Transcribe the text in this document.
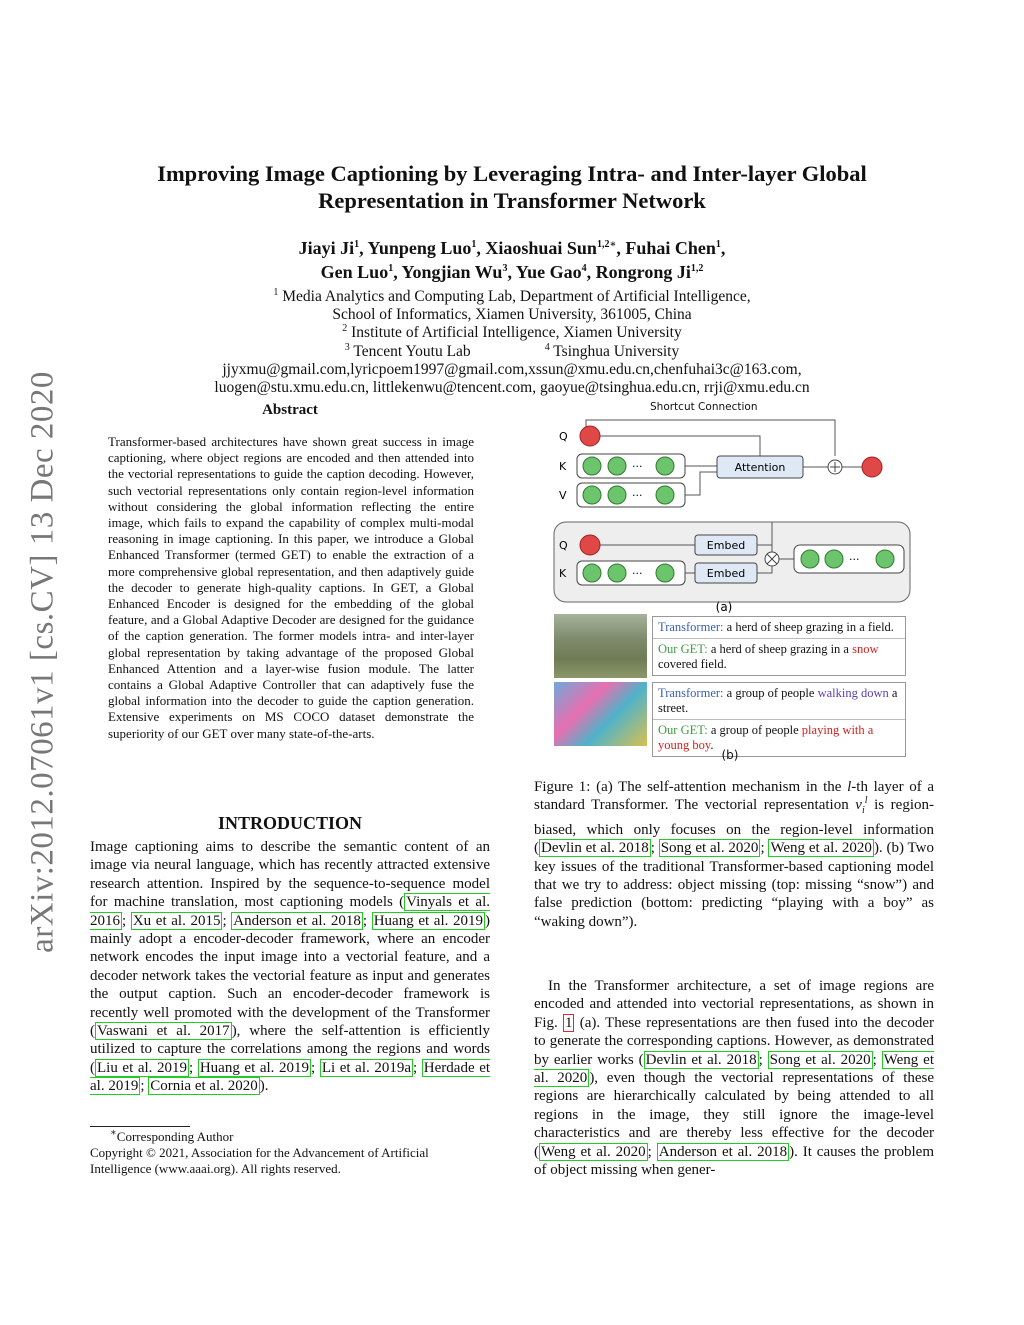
arXiv:2012.07061v1 [cs.CV] 13 Dec 2020
Improving Image Captioning by Leveraging Intra- and Inter-layer Global
Representation in Transformer Network
Jiayi Ji$^1$, Yunpeng Luo$^1$, Xiaoshuai Sun$^{1,2∗}$, Fuhai Chen$^1$,
Gen Luo$^1$, Yongjian Wu$^3$, Yue Gao$^4$, Rongrong Ji$^{1,2}$
$^1$ Media Analytics and Computing Lab, Department of Artificial Intelligence,
School of Informatics, Xiamen University, 361005, China
$^2$ Institute of Artificial Intelligence, Xiamen University
$^3$ Tencent Youtu Lab	$^4$ Tsinghua University
jjyxmu@gmail.com,lyricpoem1997@gmail.com,xssun@xmu.edu.cn,chenfuhai3c@163.com,
luogen@stu.xmu.edu.cn, littlekenwu@tencent.com, gaoyue@tsinghua.edu.cn, rrji@xmu.edu.cn
Abstract
Transformer-based architectures have shown great success in image captioning, where object regions are encoded and then attended into the vectorial representations to guide the caption decoding. However, such vectorial representations only contain region-level information without considering the global information reflecting the entire image, which fails to expand the capability of complex multi-modal reasoning in image captioning. In this paper, we introduce a Global Enhanced Transformer (termed GET) to enable the extraction of a more comprehensive global representation, and then adaptively guide the decoder to generate high-quality captions. In GET, a Global Enhanced Encoder is designed for the embedding of the global feature, and a Global Adaptive Decoder are designed for the guidance of the caption generation. The former models intra- and inter-layer global representation by taking advantage of the proposed Global Enhanced Attention and a layer-wise fusion module. The latter contains a Global Adaptive Controller that can adaptively fuse the global information into the decoder to guide the caption generation. Extensive experiments on MS COCO dataset demonstrate the superiority of our GET over many state-of-the-arts.
INTRODUCTION
Image captioning aims to describe the semantic content of an image via neural language, which has recently attracted extensive research attention. Inspired by the sequence-to-sequence model for machine translation, most captioning models ( Vinyals et al. 2016 ; Xu et al. 2015 ; Anderson et al. 2018 ; Huang et al. 2019 ) mainly adopt a encoder-decoder framework, where an encoder network encodes the input image into a vectorial feature, and a decoder network takes the vectorial feature as input and generates the output caption. Such an encoder-decoder framework is recently well promoted with the development of the Transformer ( Vaswani et al. 2017 ), where the self-attention is efficiently utilized to capture the correlations among the regions and words ( Liu et al. 2019 ; Huang et al. 2019 ; Li et al. 2019a ; Herdade et al. 2019 ; Cornia et al. 2020 ).
∗Corresponding Author
Copyright © 2021, Association for the Advancement of Artificial Intelligence (www.aaai.org). All rights reserved.
Shortcut Connection
Q
K
V
···
···
Attention
Q
K	···
Embed
Embed
···
(a)
Transformer: a herd of sheep grazing in a field.
Our GET: a herd of sheep grazing in a snow covered field.
Transformer: a group of people walking down a street.
Our GET: a group of people playing with a young boy.
(b)
Figure 1: (a) The self-attention mechanism in the l-th layer of a standard Transformer. The vectorial representation $v_i^l$ is region-biased, which only focuses on the region-level information ( Devlin et al. 2018 ; Song et al. 2020 ; Weng et al. 2020 ). (b) Two key issues of the traditional Transformer-based captioning model that we try to address: object missing (top: missing “snow”) and false prediction (bottom: predicting “playing with a boy” as “waking down”).
In the Transformer architecture, a set of image regions are encoded and attended into vectorial representations, as shown in Fig. 1 (a). These representations are then fused into the decoder to generate the corresponding captions. However, as demonstrated by earlier works ( Devlin et al. 2018 ; Song et al. 2020 ; Weng et al. 2020 ), even though the vectorial representations of these regions are hierarchically calculated by being attended to all regions in the image, they still ignore the image-level characteristics and are thereby less effective for the decoder ( Weng et al. 2020 ; Anderson et al. 2018 ). It causes the problem of object missing when gener-
